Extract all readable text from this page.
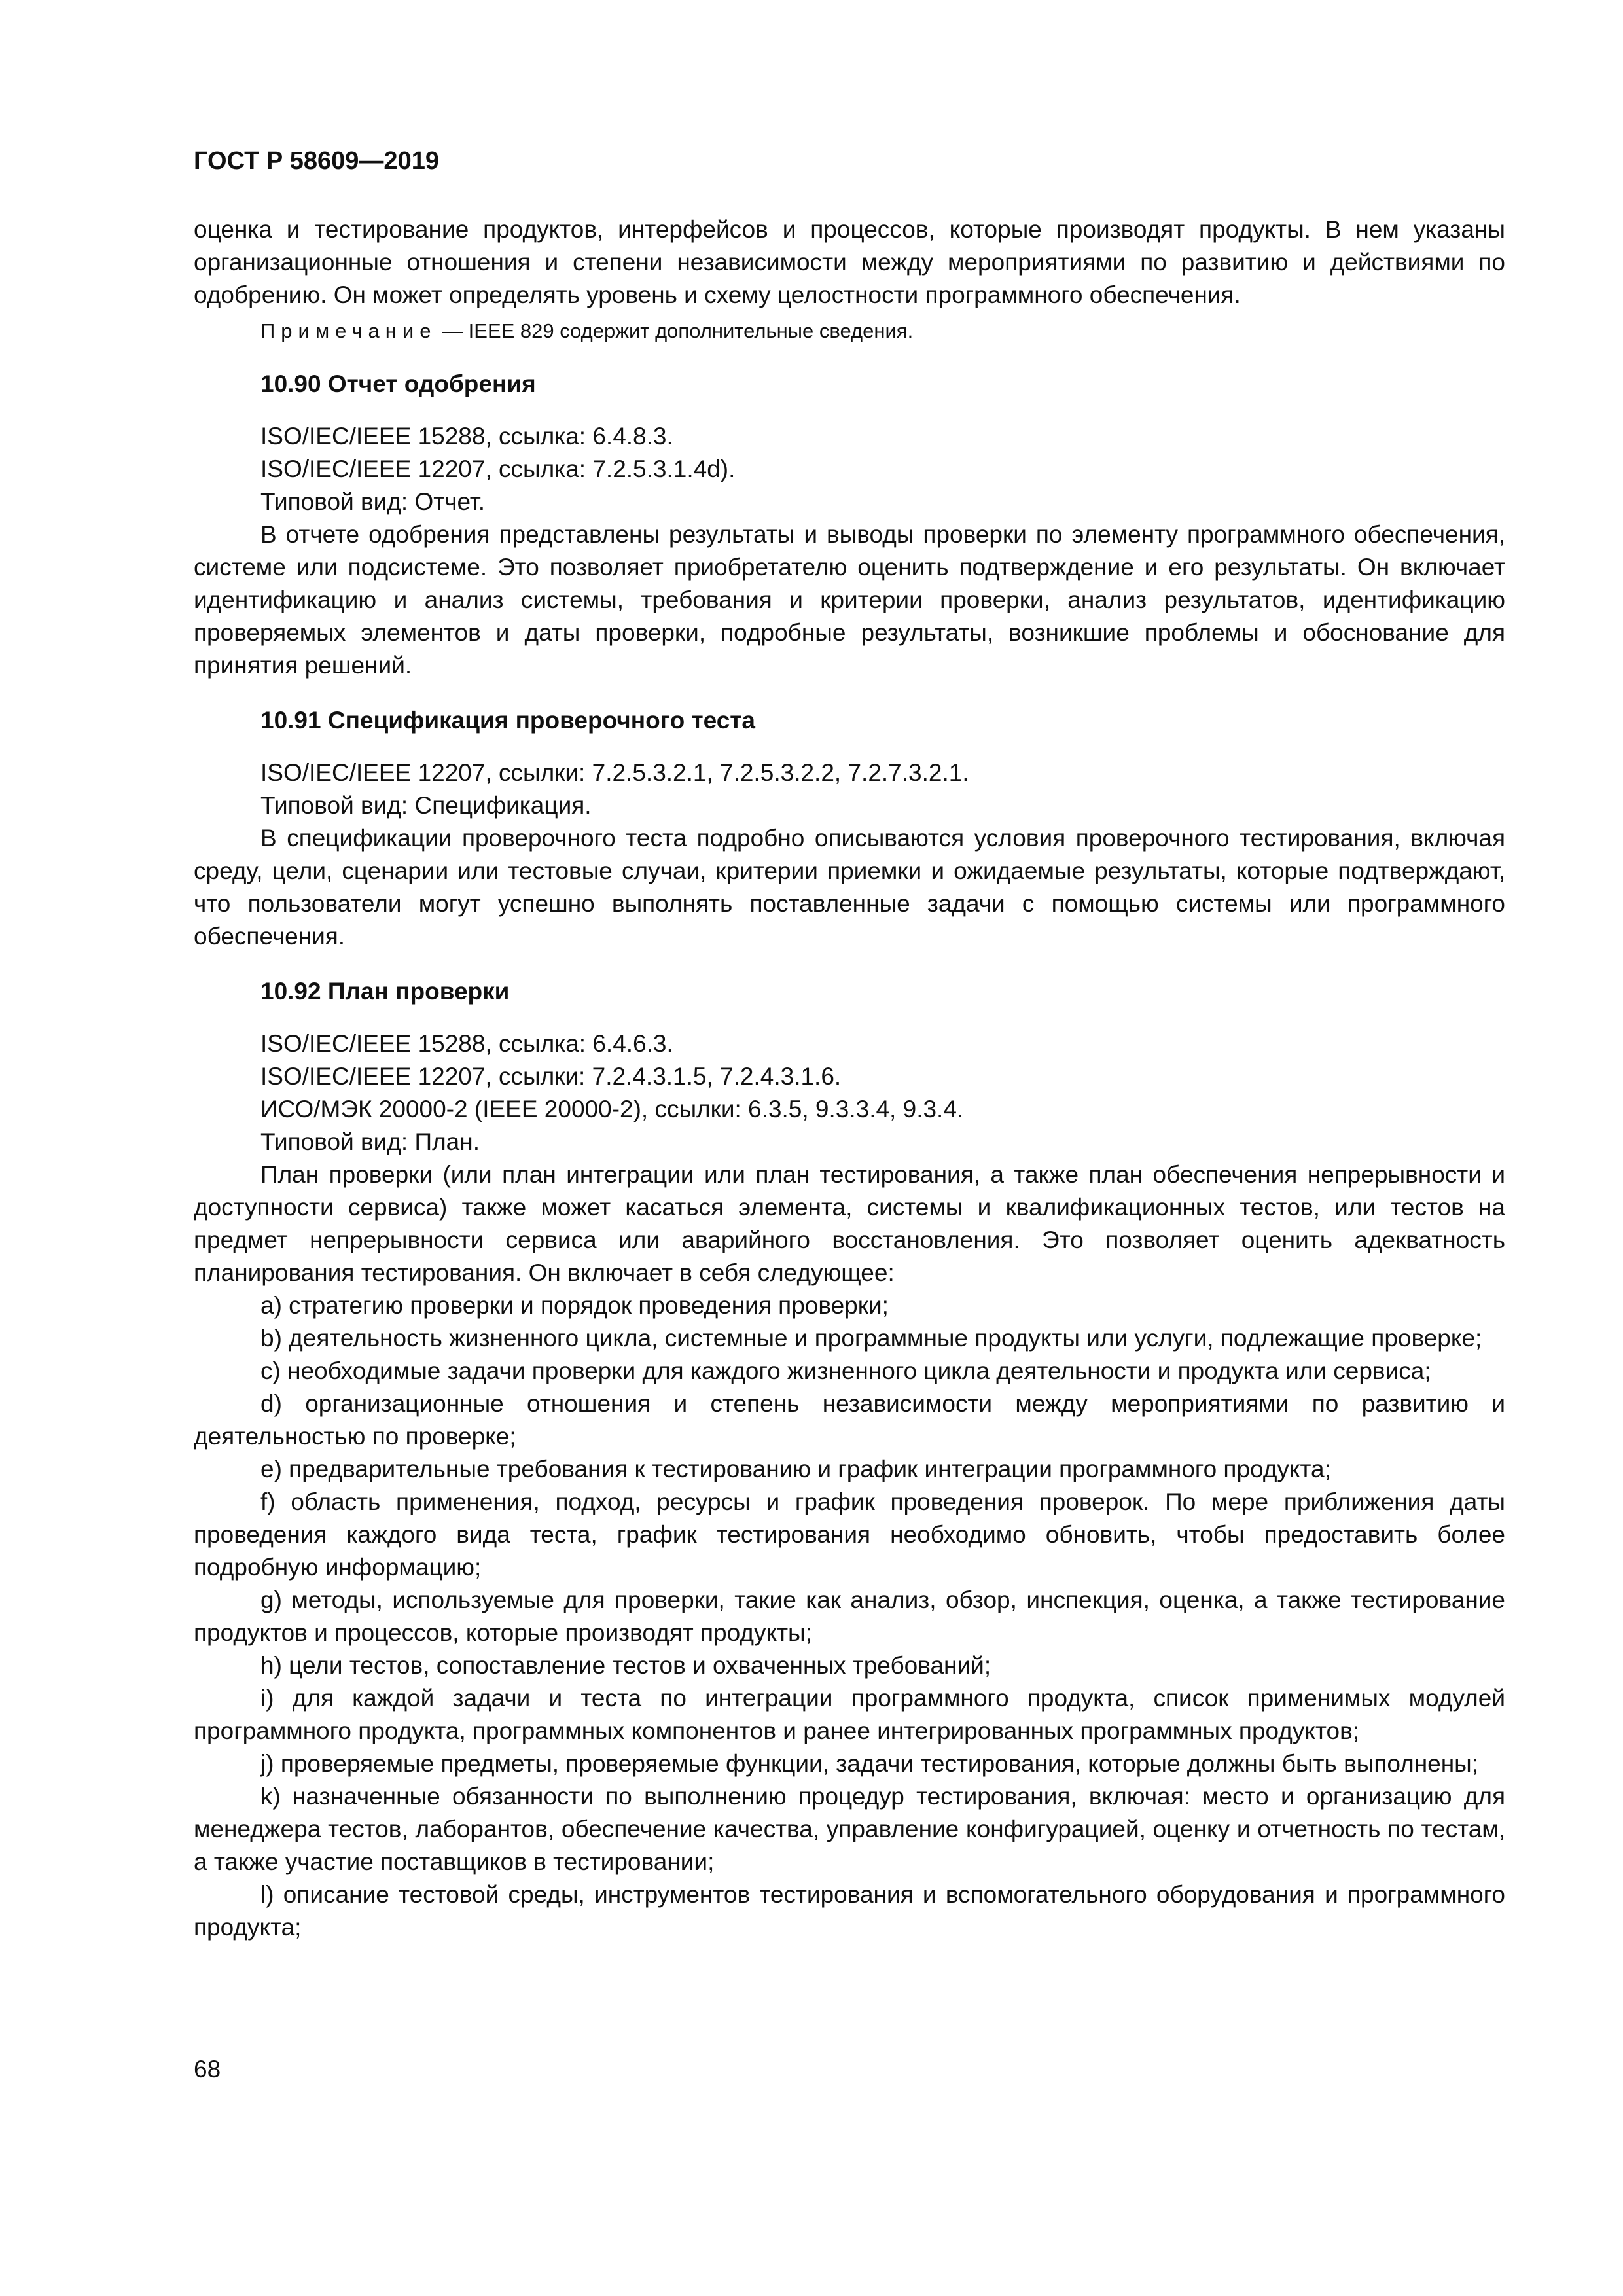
ГОСТ Р 58609—2019

оценка и тестирование продуктов, интерфейсов и процессов, которые производят продукты. В нем указаны организационные отношения и степени независимости между мероприятиями по развитию и действиями по одобрению. Он может определять уровень и схему целостности программного обеспечения.

Примечание — IEEE 829 содержит дополнительные сведения.
10.90 Отчет одобрения

ISO/IEC/IEEE 15288, ссылка: 6.4.8.3.

ISO/IEC/IEEE 12207, ссылка: 7.2.5.3.1.4d).

Типовой вид: Отчет.

В отчете одобрения представлены результаты и выводы проверки по элементу программного обеспечения, системе или подсистеме. Это позволяет приобретателю оценить подтверждение и его результаты. Он включает идентификацию и анализ системы, требования и критерии проверки, анализ результатов, идентификацию проверяемых элементов и даты проверки, подробные результаты, возникшие проблемы и обоснование для принятия решений.

10.91 Спецификация проверочного теста

ISO/IEC/IEEE 12207, ссылки: 7.2.5.3.2.1, 7.2.5.3.2.2, 7.2.7.3.2.1.

Типовой вид: Спецификация.

В спецификации проверочного теста подробно описываются условия проверочного тестирования, включая среду, цели, сценарии или тестовые случаи, критерии приемки и ожидаемые результаты, которые подтверждают, что пользователи могут успешно выполнять поставленные задачи с помощью системы или программного обеспечения.

10.92 План проверки

ISO/IEC/IEEE 15288, ссылка: 6.4.6.3.

ISO/IEC/IEEE 12207, ссылки: 7.2.4.3.1.5, 7.2.4.3.1.6.

ИСО/МЭК 20000-2 (IEEE 20000-2), ссылки: 6.3.5, 9.3.3.4, 9.3.4.

Типовой вид: План.

План проверки (или план интеграции или план тестирования, а также план обеспечения непрерывности и доступности сервиса) также может касаться элемента, системы и квалификационных тестов, или тестов на предмет непрерывности сервиса или аварийного восстановления. Это позволяет оценить адекватность планирования тестирования. Он включает в себя следующее:

a) стратегию проверки и порядок проведения проверки;

b) деятельность жизненного цикла, системные и программные продукты или услуги, подлежащие проверке;

c) необходимые задачи проверки для каждого жизненного цикла деятельности и продукта или сервиса;

d) организационные отношения и степень независимости между мероприятиями по развитию и деятельностью по проверке;

e) предварительные требования к тестированию и график интеграции программного продукта;

f) область применения, подход, ресурсы и график проведения проверок. По мере приближения даты проведения каждого вида теста, график тестирования необходимо обновить, чтобы предоставить более подробную информацию;

g) методы, используемые для проверки, такие как анализ, обзор, инспекция, оценка, а также тестирование продуктов и процессов, которые производят продукты;

h) цели тестов, сопоставление тестов и охваченных требований;

i) для каждой задачи и теста по интеграции программного продукта, список применимых модулей программного продукта, программных компонентов и ранее интегрированных программных продуктов;

j) проверяемые предметы, проверяемые функции, задачи тестирования, которые должны быть выполнены;

k) назначенные обязанности по выполнению процедур тестирования, включая: место и организацию для менеджера тестов, лаборантов, обеспечение качества, управление конфигурацией, оценку и отчетность по тестам, а также участие поставщиков в тестировании;

l) описание тестовой среды, инструментов тестирования и вспомогательного оборудования и программного продукта;

68
